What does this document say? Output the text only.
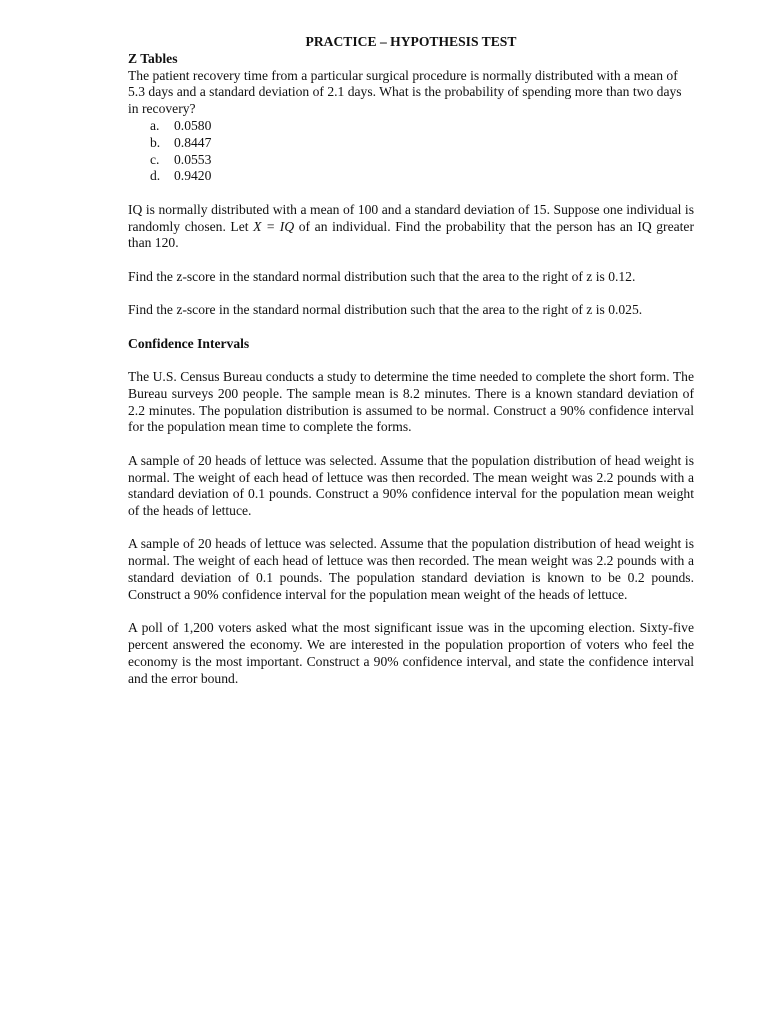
PRACTICE – HYPOTHESIS TEST

Z Tables

The patient recovery time from a particular surgical procedure is normally distributed with a mean of 5.3 days and a standard deviation of 2.1 days. What is the probability of spending more than two days in recovery?

a.	0.0580
b.	0.8447
c.	0.0553
d.	0.9420

IQ is normally distributed with a mean of 100 and a standard deviation of 15. Suppose one individual is randomly chosen. Let X = IQ of an individual. Find the probability that the person has an IQ greater than 120.

Find the z-score in the standard normal distribution such that the area to the right of z is 0.12.

Find the z-score in the standard normal distribution such that the area to the right of z is 0.025.

Confidence Intervals

The U.S. Census Bureau conducts a study to determine the time needed to complete the short form. The Bureau surveys 200 people. The sample mean is 8.2 minutes. There is a known standard deviation of 2.2 minutes. The population distribution is assumed to be normal. Construct a 90% confidence interval for the population mean time to complete the forms.

A sample of 20 heads of lettuce was selected. Assume that the population distribution of head weight is normal. The weight of each head of lettuce was then recorded. The mean weight was 2.2 pounds with a standard deviation of 0.1 pounds. Construct a 90% confidence interval for the population mean weight of the heads of lettuce.

A sample of 20 heads of lettuce was selected. Assume that the population distribution of head weight is normal. The weight of each head of lettuce was then recorded. The mean weight was 2.2 pounds with a standard deviation of 0.1 pounds. The population standard deviation is known to be 0.2 pounds. Construct a 90% confidence interval for the population mean weight of the heads of lettuce.

A poll of 1,200 voters asked what the most significant issue was in the upcoming election. Sixty-five percent answered the economy. We are interested in the population proportion of voters who feel the economy is the most important. Construct a 90% confidence interval, and state the confidence interval and the error bound.
